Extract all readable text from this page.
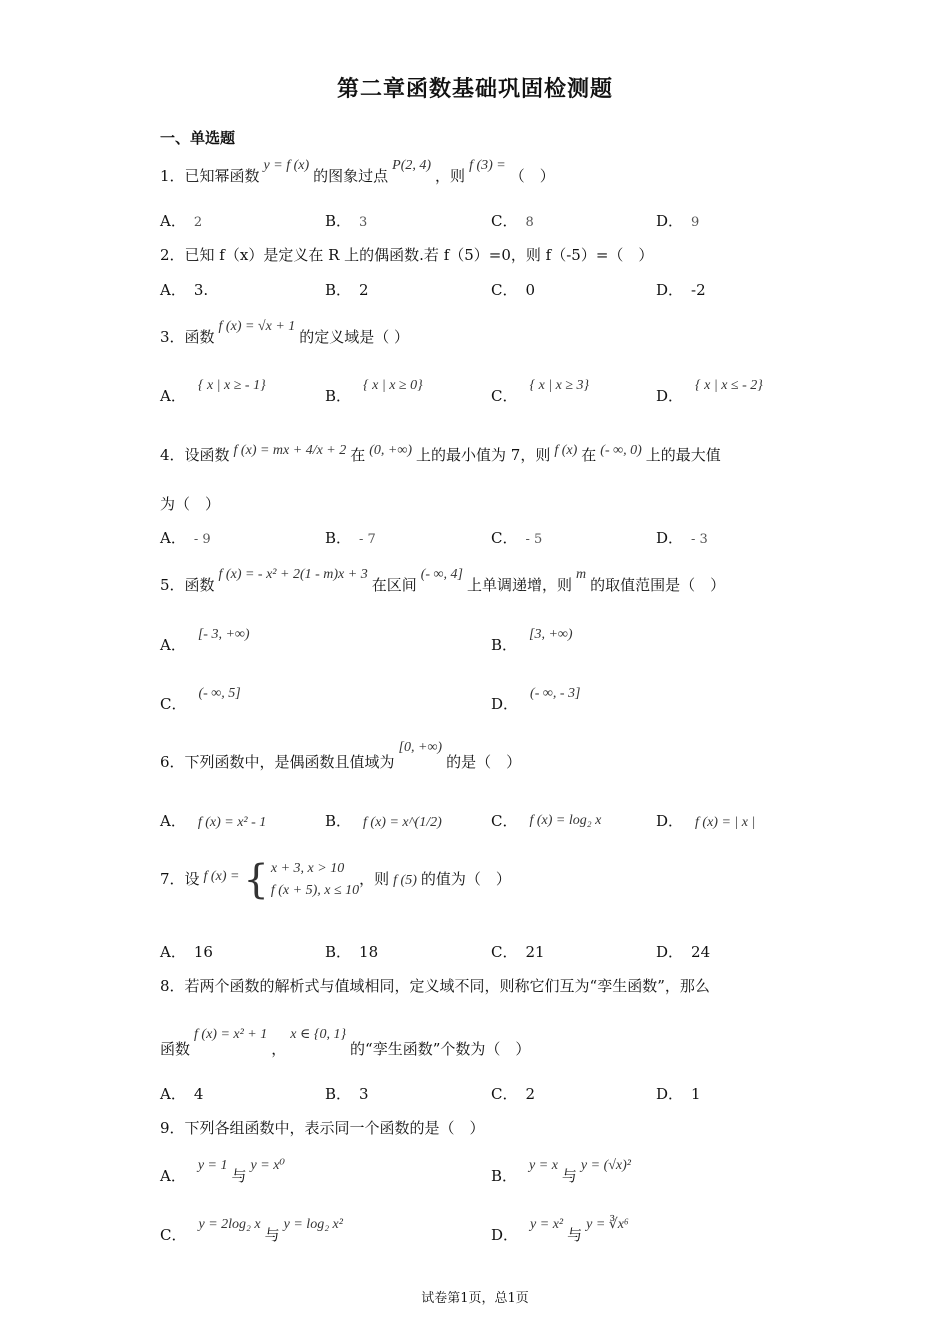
第二章函数基础巩固检测题
一、单选题
1．已知幂函数y = f (x)的图象过点P(2, 4)，则f (3) =（　）
A． 2	B． 3	C． 8	D． 9
2．已知 f（x）是定义在 R 上的偶函数.若 f（5）=0，则 f（-5）=（　）
A． 3.	B． 2	C． 0	D． -2
3．函数f (x) = √x + 1的定义域是（ ）
A．{ x | x ≥ - 1}
B．{ x | x ≥ 0}
C．{ x | x ≥ 3}
D．{ x | x ≤ - 2}
4．设函数 f (x) = mx + 4/x + 2 在 (0, +∞) 上的最小值为 7，则 f (x) 在 (- ∞, 0) 上的最大值
为（　）
A． - 9	B． - 7	C． - 5	D． - 3
5．函数f (x) = - x² + 2(1 - m)x + 3在区间(- ∞, 4]上单调递增，则m的取值范围是（　）
A．[- 3, +∞)
B．[3, +∞)
C．(- ∞, 5]
D．(- ∞, - 3]
6．下列函数中，是偶函数且值域为[0, +∞)的是（　）
A． f (x) = x² - 1	B． f (x) = x^(1/2)	C． f (x) = log₂ x	D． f (x) = | x |
7．设 f (x) = { x + 3, x > 10
f (x + 5), x ≤ 10，则 f (5) 的值为（　）
A． 16	B． 18	C． 21	D． 24
8．若两个函数的解析式与值域相同，定义域不同，则称它们互为“孪生函数”，那么
函数f (x) = x² + 1，x ∈ {0, 1}的“孪生函数”个数为（　）
A． 4	B． 3	C． 2	D． 1
9．下列各组函数中，表示同一个函数的是（　）
A．y = 1与y = x⁰
B．y = x与y = (√x)²
C．y = 2log₂ x与y = log₂ x²
D．y = x²与y = ∛x⁶
试卷第1页，总1页
